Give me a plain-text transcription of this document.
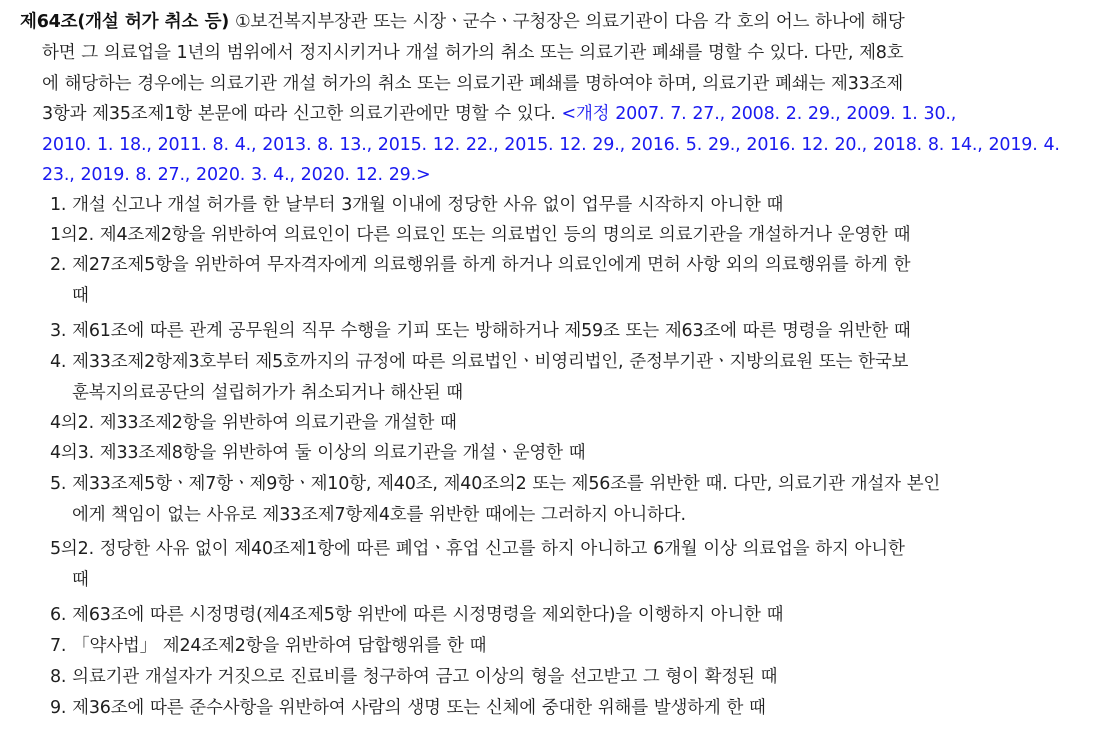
제64조(개설 허가 취소 등) ①보건복지부장관 또는 시장ㆍ군수ㆍ구청장은 의료기관이 다음 각 호의 어느 하나에 해당
하면 그 의료업을 1년의 범위에서 정지시키거나 개설 허가의 취소 또는 의료기관 폐쇄를 명할 수 있다. 다만, 제8호
에 해당하는 경우에는 의료기관 개설 허가의 취소 또는 의료기관 폐쇄를 명하여야 하며, 의료기관 폐쇄는 제33조제
3항과 제35조제1항 본문에 따라 신고한 의료기관에만 명할 수 있다. <개정 2007. 7. 27., 2008. 2. 29., 2009. 1. 30.,
2010. 1. 18., 2011. 8. 4., 2013. 8. 13., 2015. 12. 22., 2015. 12. 29., 2016. 5. 29., 2016. 12. 20., 2018. 8. 14., 2019. 4.
23., 2019. 8. 27., 2020. 3. 4., 2020. 12. 29.>
1. 개설 신고나 개설 허가를 한 날부터 3개월 이내에 정당한 사유 없이 업무를 시작하지 아니한 때
1의2. 제4조제2항을 위반하여 의료인이 다른 의료인 또는 의료법인 등의 명의로 의료기관을 개설하거나 운영한 때
2. 제27조제5항을 위반하여 무자격자에게 의료행위를 하게 하거나 의료인에게 면허 사항 외의 의료행위를 하게 한
때
3. 제61조에 따른 관계 공무원의 직무 수행을 기피 또는 방해하거나 제59조 또는 제63조에 따른 명령을 위반한 때
4. 제33조제2항제3호부터 제5호까지의 규정에 따른 의료법인ㆍ비영리법인, 준정부기관ㆍ지방의료원 또는 한국보
훈복지의료공단의 설립허가가 취소되거나 해산된 때
4의2. 제33조제2항을 위반하여 의료기관을 개설한 때
4의3. 제33조제8항을 위반하여 둘 이상의 의료기관을 개설ㆍ운영한 때
5. 제33조제5항ㆍ제7항ㆍ제9항ㆍ제10항, 제40조, 제40조의2 또는 제56조를 위반한 때. 다만, 의료기관 개설자 본인
에게 책임이 없는 사유로 제33조제7항제4호를 위반한 때에는 그러하지 아니하다.
5의2. 정당한 사유 없이 제40조제1항에 따른 폐업ㆍ휴업 신고를 하지 아니하고 6개월 이상 의료업을 하지 아니한
때
6. 제63조에 따른 시정명령(제4조제5항 위반에 따른 시정명령을 제외한다)을 이행하지 아니한 때
7. 「약사법」 제24조제2항을 위반하여 담합행위를 한 때
8. 의료기관 개설자가 거짓으로 진료비를 청구하여 금고 이상의 형을 선고받고 그 형이 확정된 때
9. 제36조에 따른 준수사항을 위반하여 사람의 생명 또는 신체에 중대한 위해를 발생하게 한 때
